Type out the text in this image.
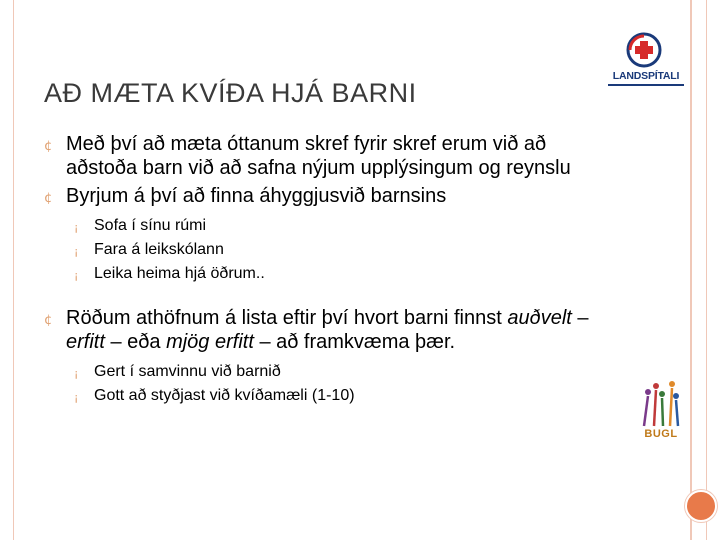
AÐ MÆTA KVÍÐA HJÁ BARNI
¢ Með því að mæta óttanum skref fyrir skref erum við að aðstoða barn við að safna nýjum upplýsingum og reynslu
¢ Byrjum á því að finna áhyggjusvið barnsins
¡ Sofa í sínu rúmi
¡ Fara á leikskólann
¡ Leika heima hjá öðrum..
¢ Röðum athöfnum á lista eftir því hvort barni finnst auðvelt – erfitt – eða mjög erfitt – að framkvæma þær.
¡ Gert í samvinnu við barnið
¡ Gott að styðjast við kvíðamæli (1-10)
LANDSPÍTALI
BUGL
